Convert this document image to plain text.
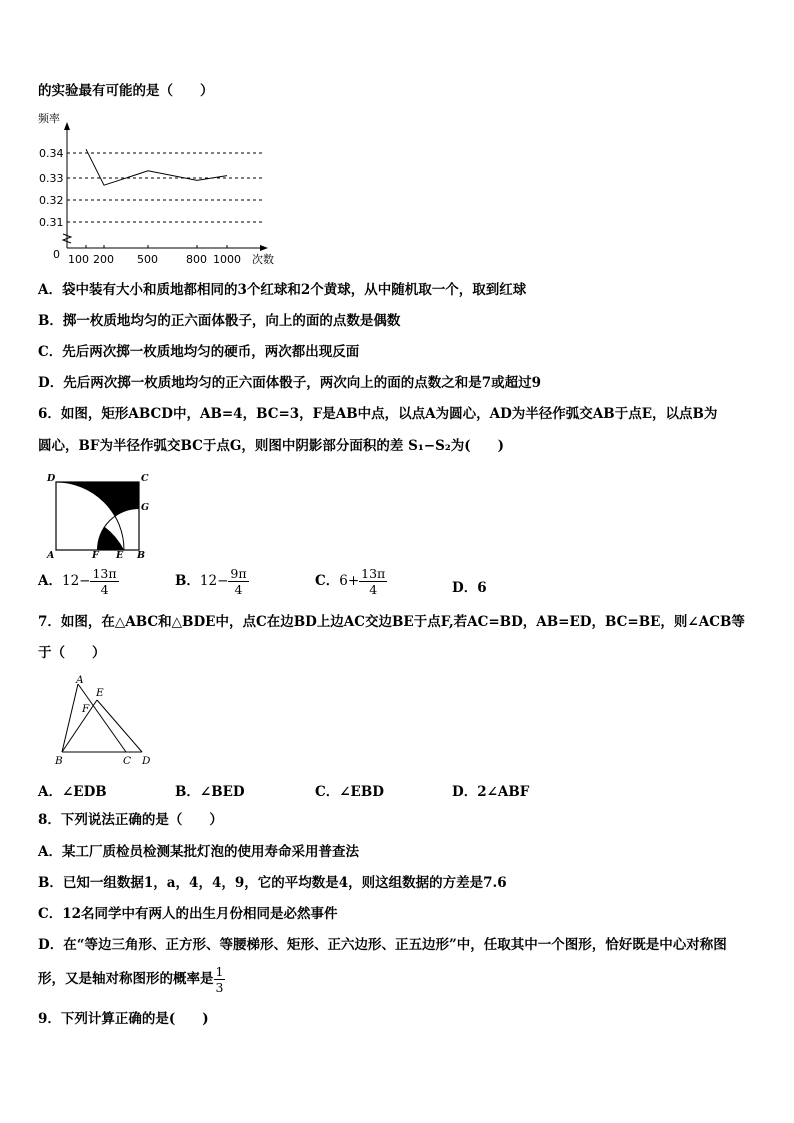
的实验最有可能的是（　　）
频率
0.34
0.33
0.32
0.31
0 100 200 500	800 1000 次数
A．袋中装有大小和质地都相同的3个红球和2个黄球，从中随机取一个，取到红球
B．掷一枚质地均匀的正六面体骰子，向上的面的点数是偶数
C．先后两次掷一枚质地均匀的硬币，两次都出现反面
D．先后两次掷一枚质地均匀的正六面体骰子，两次向上的面的点数之和是7或超过9
6．如图，矩形ABCD中，AB=4，BC=3，F是AB中点，以点A为圆心，AD为半径作弧交AB于点E，以点B为
圆心，BF为半径作弧交BC于点G，则图中阴影部分面积的差 S₁−S₂为(　　)
D	C
G
A	F E B
A．$12- \frac{13\pi}{4}$	B．$12- \frac{9\pi}{4}$	C．$6+ \frac{13\pi}{4}$	D．6
7．如图，在△ABC和△BDE中，点C在边BD上边AC交边BE于点F,若AC=BD，AB=ED，BC=BE，则∠ACB等
于（　　）
A
E
F
B	C D
A．∠EDB	B．∠BED	C．∠EBD	D．2∠ABF
8．下列说法正确的是（　　）
A．某工厂质检员检测某批灯泡的使用寿命采用普查法
B．已知一组数据1，a，4，4，9，它的平均数是4，则这组数据的方差是7.6
C．12名同学中有两人的出生月份相同是必然事件
D．在“等边三角形、正方形、等腰梯形、矩形、正六边形、正五边形”中，任取其中一个图形，恰好既是中心对称图
形，又是轴对称图形的概率是 $\frac{1}{3}$
9．下列计算正确的是(　　)
